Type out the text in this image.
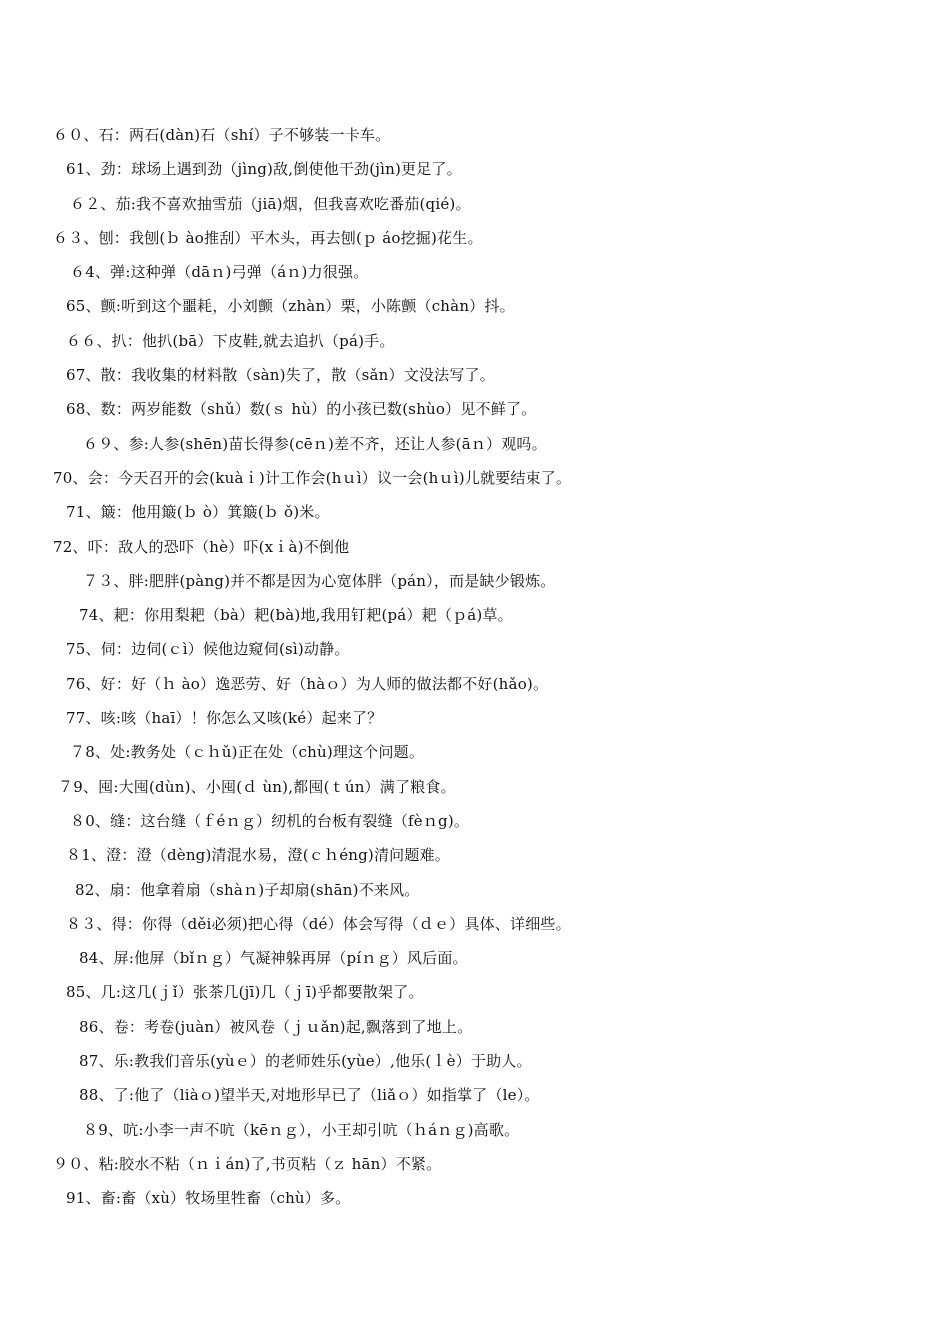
６０、石：两石(dàn)石（shí）子不够装一卡车。
61、劲：球场上遇到劲（jìng)敌,倒使他干劲(jìn)更足了。
６２、茄:我不喜欢抽雪茄（jiā)烟，但我喜欢吃番茄(qié)。
６３、刨：我刨(ｂ ào推刮）平木头，再去刨(ｐ áo挖掘)花生。
６4、弹:这种弹（dāｎ)弓弹（áｎ)力很强。
65、颤:听到这个噩耗，小刘颤（zhàn）栗，小陈颤（chàn）抖。
６６、扒：他扒(bā）下皮鞋,就去追扒（pá)手。
67、散：我收集的材料散（sàn)失了，散（sǎn）文没法写了。
68、数：两岁能数（shǔ）数(ｓ hù）的小孩已数(shùo）见不鲜了。
６９、参:人参(shēn)苗长得参(cēｎ)差不齐，还让人参(āｎ）观吗。
70、会：今天召开的会(kuàｉ)计工作会(hｕì）议一会(hｕì)儿就要结束了。
71、簸：他用簸(ｂ ò）箕簸(ｂ ǒ)米。
72、吓：敌人的恐吓（hè）吓(xｉà)不倒他
７３、胖:肥胖(pàng)并不都是因为心宽体胖（pán），而是缺少锻炼。
74、耙：你用梨耙（bà）耙(bà)地,我用钉耙(pá）耙（ｐá)草。
75、伺：边伺(ｃì）候他边窥伺(sì)动静。
76、好：好（ｈ ào）逸恶劳、好（hàｏ）为人师的做法都不好(hǎo)。
77、咳:咳（haī）！你怎么又咳(ké）起来了？
７8、处:教务处（ｃｈǔ)正在处（chù)理这个问题。
７9、囤:大囤(dùn)、小囤(ｄ ùn),都囤(ｔún）满了粮食。
８0、缝：这台缝（ｆéｎｇ）纫机的台板有裂缝（fèｎg)。
８1、澄：澄（dèng)清混水易，澄(ｃｈéng)清问题难。
82、扇：他拿着扇（shàｎ)子却扇(shān)不来风。
８３、得：你得（děi必须)把心得（dé）体会写得（ｄｅ）具体、详细些。
84、屏:他屏（bǐｎｇ）气凝神躲再屏（píｎｇ）风后面。
85、几:这几(ｊǐ）张茶几(jī)几（ｊī)乎都要散架了。
86、卷：考卷(juàn）被风卷（ｊｕǎn)起,飘落到了地上。
87、乐:教我们音乐(yùｅ）的老师姓乐(yùe）,他乐(ｌè）于助人。
88、了:他了（liàｏ)望半天,对地形早已了（liǎｏ）如指掌了（le）。
８9、吭:小李一声不吭（kēｎｇ），小王却引吭（ｈáｎｇ)高歌。
９０、粘:胶水不粘（ｎｉán)了,书页粘（ｚ hān）不紧。
91、畜:畜（xù）牧场里牲畜（chù）多。
